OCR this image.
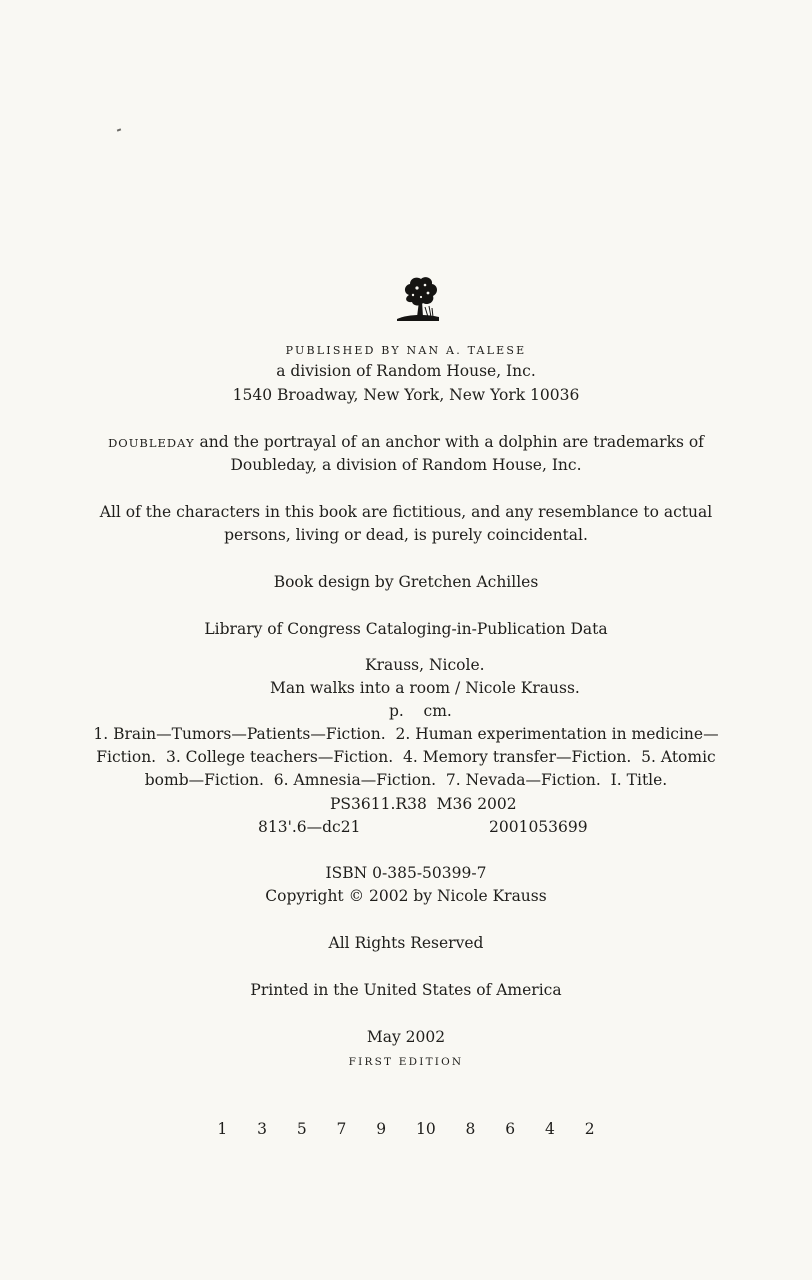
PUBLISHED BY NAN A. TALESE
a division of Random House, Inc.
1540 Broadway, New York, New York 10036
DOUBLEDAY and the portrayal of an anchor with a dolphin are trademarks of
Doubleday, a division of Random House, Inc.
All of the characters in this book are fictitious, and any resemblance to actual
persons, living or dead, is purely coincidental.
Book design by Gretchen Achilles
Library of Congress Cataloging-in-Publication Data
Krauss, Nicole.
Man walks into a room / Nicole Krauss.
p.    cm.
1. Brain—Tumors—Patients—Fiction.  2. Human experimentation in medicine—
Fiction.  3. College teachers—Fiction.  4. Memory transfer—Fiction.  5. Atomic
bomb—Fiction.  6. Amnesia—Fiction.  7. Nevada—Fiction.  I. Title.
PS3611.R38  M36 2002
813'.6—dc21	2001053699
ISBN 0-385-50399-7
Copyright © 2002 by Nicole Krauss
All Rights Reserved
Printed in the United States of America
May 2002
FIRST EDITION
1  3  5  7  9  10  8  6  4  2
